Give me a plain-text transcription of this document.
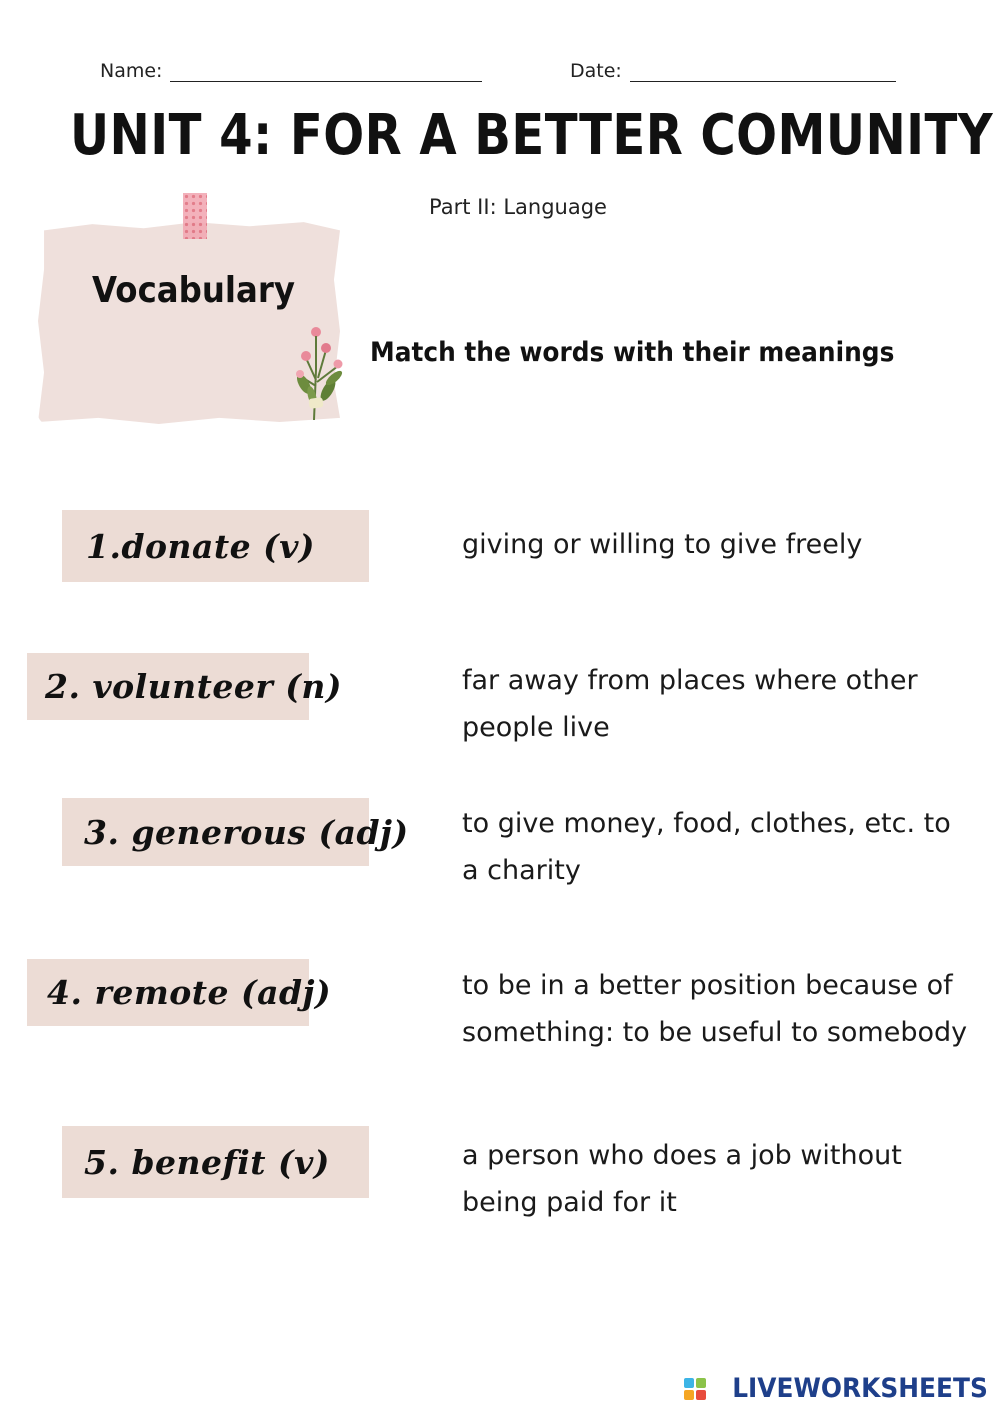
Name:	Date:
UNIT 4: FOR A BETTER COMUNITY
Part II: Language
Vocabulary
Match the words with their meanings
1.donate (v)
2. volunteer (n)
3. generous (adj)
4. remote (adj)
5. benefit (v)
giving or willing to give freely
far away from places where other people live
to give money, food, clothes, etc. to a charity
to be in a better position because of something: to be useful to somebody
a person who does a job without being paid for it
LIVEWORKSHEETS
